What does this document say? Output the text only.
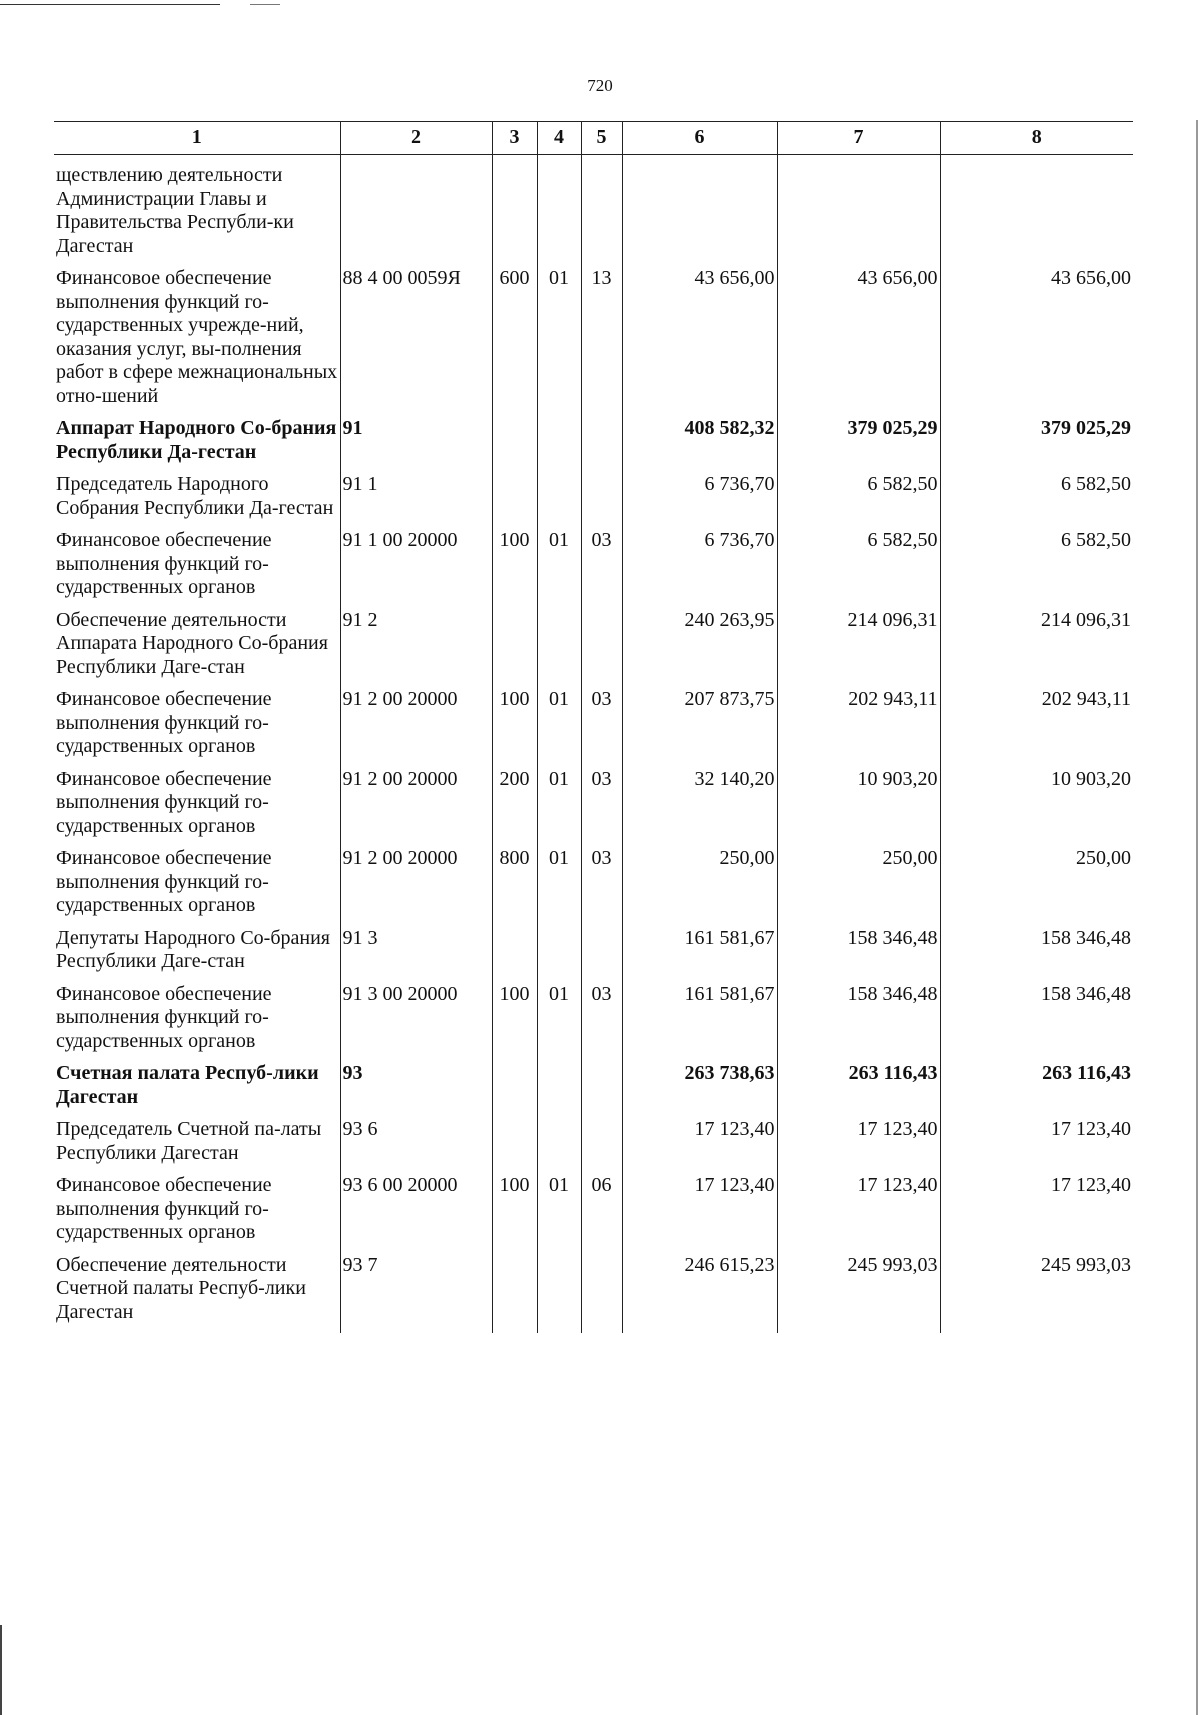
720
1	2	3	4	5	6	7	8
ществлению деятельности Администрации Главы и Правительства Республи-ки Дагестан							
Финансовое обеспечение выполнения функций го-сударственных учрежде-ний, оказания услуг, вы-полнения работ в сфере межнациональных отно-шений	88 4 00 0059Я	600	01	13	43 656,00	43 656,00	43 656,00
Аппарат Народного Со-брания Республики Да-гестан	91				408 582,32	379 025,29	379 025,29
Председатель Народного Собрания Республики Да-гестан	91 1				6 736,70	6 582,50	6 582,50
Финансовое обеспечение выполнения функций го-сударственных органов	91 1 00 20000	100	01	03	6 736,70	6 582,50	6 582,50
Обеспечение деятельности Аппарата Народного Со-брания Республики Даге-стан	91 2				240 263,95	214 096,31	214 096,31
Финансовое обеспечение выполнения функций го-сударственных органов	91 2 00 20000	100	01	03	207 873,75	202 943,11	202 943,11
Финансовое обеспечение выполнения функций го-сударственных органов	91 2 00 20000	200	01	03	32 140,20	10 903,20	10 903,20
Финансовое обеспечение выполнения функций го-сударственных органов	91 2 00 20000	800	01	03	250,00	250,00	250,00
Депутаты Народного Со-брания Республики Даге-стан	91 3				161 581,67	158 346,48	158 346,48
Финансовое обеспечение выполнения функций го-сударственных органов	91 3 00 20000	100	01	03	161 581,67	158 346,48	158 346,48
Счетная палата Респуб-лики Дагестан	93				263 738,63	263 116,43	263 116,43
Председатель Счетной па-латы Республики Дагестан	93 6				17 123,40	17 123,40	17 123,40
Финансовое обеспечение выполнения функций го-сударственных органов	93 6 00 20000	100	01	06	17 123,40	17 123,40	17 123,40
Обеспечение деятельности Счетной палаты Респуб-лики Дагестан	93 7				246 615,23	245 993,03	245 993,03
